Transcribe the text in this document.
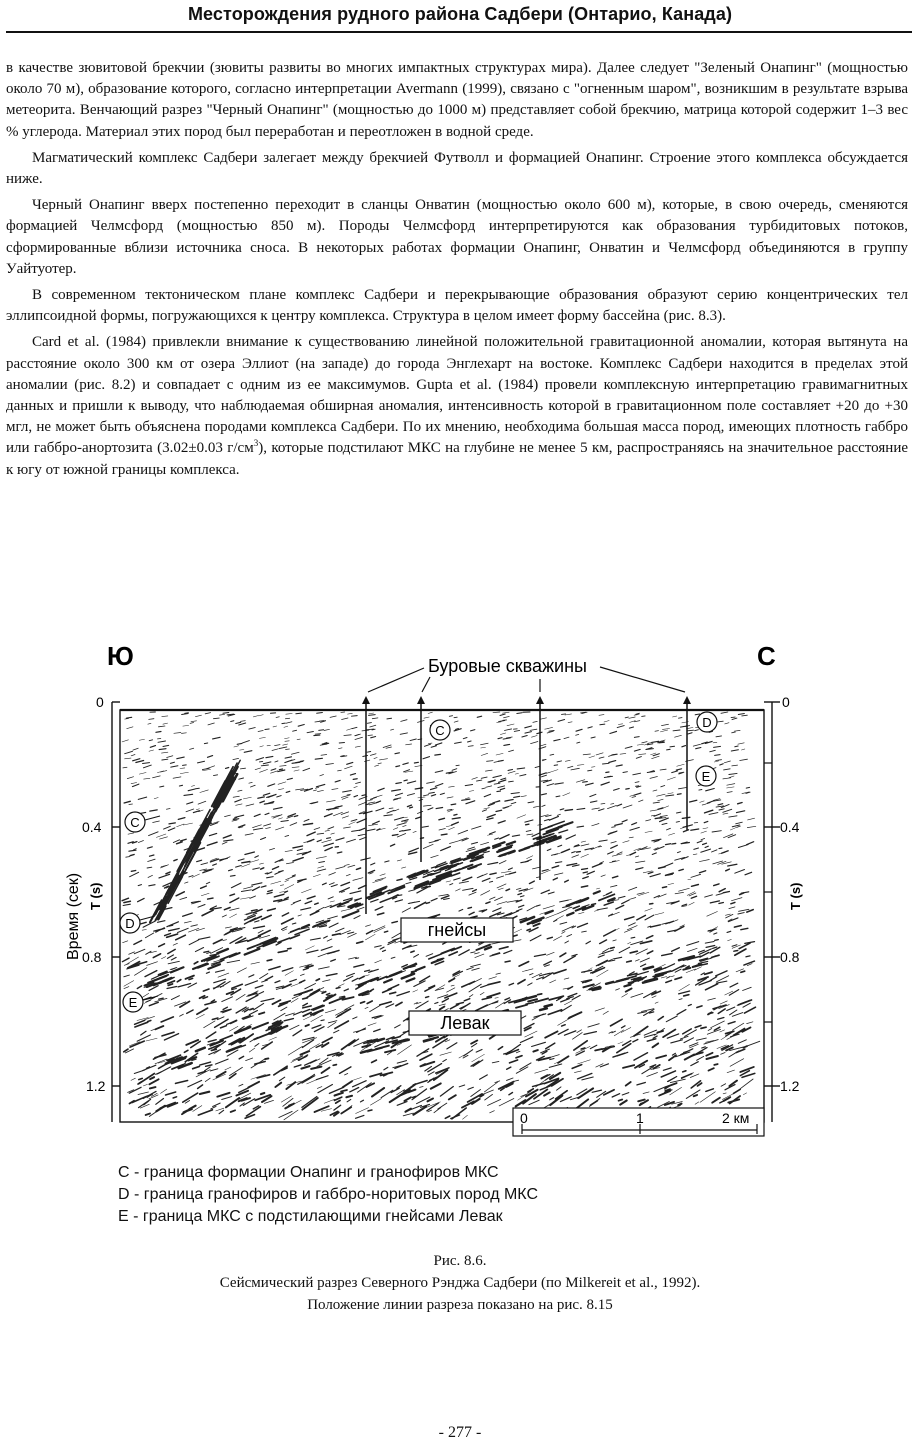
Месторождения рудного района Садбери (Онтарио, Канада)

в качестве зювитовой брекчии (зювиты развиты во многих импактных структурах мира). Далее следует "Зеленый Онапинг" (мощностью около 70 м), образование которого, согласно интерпретации Avermann (1999), связано с "огненным шаром", возникшим в результате взрыва метеорита. Венчающий разрез "Черный Онапинг" (мощностью до 1000 м) представляет собой брекчию, матрица которой содержит 1–3 вес % углерода. Материал этих пород был переработан и переотложен в водной среде.

Магматический комплекс Садбери залегает между брекчией Футволл и формацией Онапинг. Строение этого комплекса обсуждается ниже.

Черный Онапинг вверх постепенно переходит в сланцы Онватин (мощностью около 600 м), которые, в свою очередь, сменяются формацией Челмсфорд (мощностью 850 м). Породы Челмсфорд интерпретируются как образования турбидитовых потоков, сформированные вблизи источника сноса. В некоторых работах формации Онапинг, Онватин и Челмсфорд объединяются в группу Уайтуотер.

В современном тектоническом плане комплекс Садбери и перекрывающие образования образуют серию концентрических тел эллипсоидной формы, погружающихся к центру комплекса. Структура в целом имеет форму бассейна (рис. 8.3).

Card et al. (1984) привлекли внимание к существованию линейной положительной гравитационной аномалии, которая вытянута на расстояние около 300 км от озера Эллиот (на западе) до города Энглехарт на востоке. Комплекс Садбери находится в пределах этой аномалии (рис. 8.2) и совпадает с одним из ее максимумов. Gupta et al. (1984) провели комплексную интерпретацию гравимагнитных данных и пришли к выводу, что наблюдаемая обширная аномалия, интенсивность которой в гравитационном поле составляет +20 до +30 мгл, не может быть объяснена породами комплекса Садбери. По их мнению, необходима большая масса пород, имеющих плотность габбро или габбро-анортозита (3.02±0.03 $г/см^3$), которые подстилают МКС на глубине не менее 5 км, распространяясь на значительное расстояние к югу от южной границы комплекса.

Ю	С
Буровые скважины
0
0.4
0.8
1.2
Время (сек) T (s)
0
0.4
0.8
1.2
T (s)
C
D
E
C
D
E
гнейсы
Левак
0	1	2 км
C - граница формации Онапинг и гранофиров МКС
D - граница гранофиров и габбро-норитовых пород МКС
E - граница МКС с подстилающими гнейсами Левак
Рис. 8.6.
Сейсмический разрез Северного Рэнджа Садбери (по Milkereit et al., 1992).
Положение линии разреза показано на рис. 8.15
- 277 -
